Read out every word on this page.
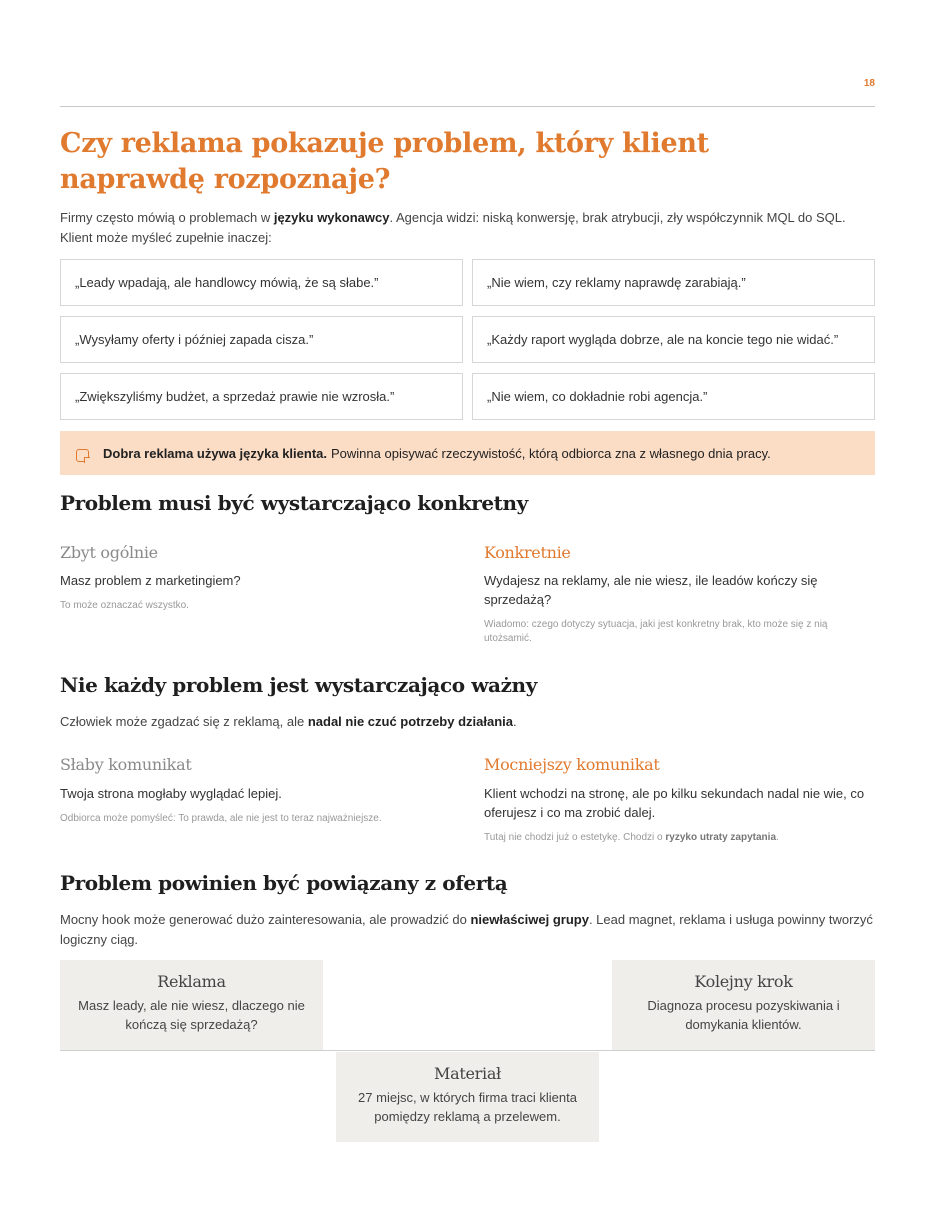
18
Czy reklama pokazuje problem, który klient naprawdę rozpoznaje?

Firmy często mówią o problemach w języku wykonawcy. Agencja widzi: niską konwersję, brak atrybucji, zły współczynnik MQL do SQL. Klient może myśleć zupełnie inaczej:

„Leady wpadają, ale handlowcy mówią, że są słabe.”	„Nie wiem, czy reklamy naprawdę zarabiają.”
„Wysyłamy oferty i później zapada cisza.”	„Każdy raport wygląda dobrze, ale na koncie tego nie widać.”
„Zwiększyliśmy budżet, a sprzedaż prawie nie wzrosła.”	„Nie wiem, co dokładnie robi agencja.”
Dobra reklama używa języka klienta. Powinna opisywać rzeczywistość, którą odbiorca zna z własnego dnia pracy.
Problem musi być wystarczająco konkretny
Zbyt ogólnie
Masz problem z marketingiem?
To może oznaczać wszystko.
Konkretnie
Wydajesz na reklamy, ale nie wiesz, ile leadów kończy się sprzedażą?
Wiadomo: czego dotyczy sytuacja, jaki jest konkretny brak, kto może się z nią utożsamić.
Nie każdy problem jest wystarczająco ważny

Człowiek może zgadzać się z reklamą, ale nadal nie czuć potrzeby działania.

Słaby komunikat
Twoja strona mogłaby wyglądać lepiej.
Odbiorca może pomyśleć: To prawda, ale nie jest to teraz najważniejsze.
Mocniejszy komunikat
Klient wchodzi na stronę, ale po kilku sekundach nadal nie wie, co oferujesz i co ma zrobić dalej.
Tutaj nie chodzi już o estetykę. Chodzi o ryzyko utraty zapytania.
Problem powinien być powiązany z ofertą

Mocny hook może generować dużo zainteresowania, ale prowadzić do niewłaściwej grupy. Lead magnet, reklama i usługa powinny tworzyć logiczny ciąg.

Reklama
Masz leady, ale nie wiesz, dlaczego nie kończą się sprzedażą?
Materiał
27 miejsc, w których firma traci klienta pomiędzy reklamą a przelewem.
Kolejny krok
Diagnoza procesu pozyskiwania i domykania klientów.
